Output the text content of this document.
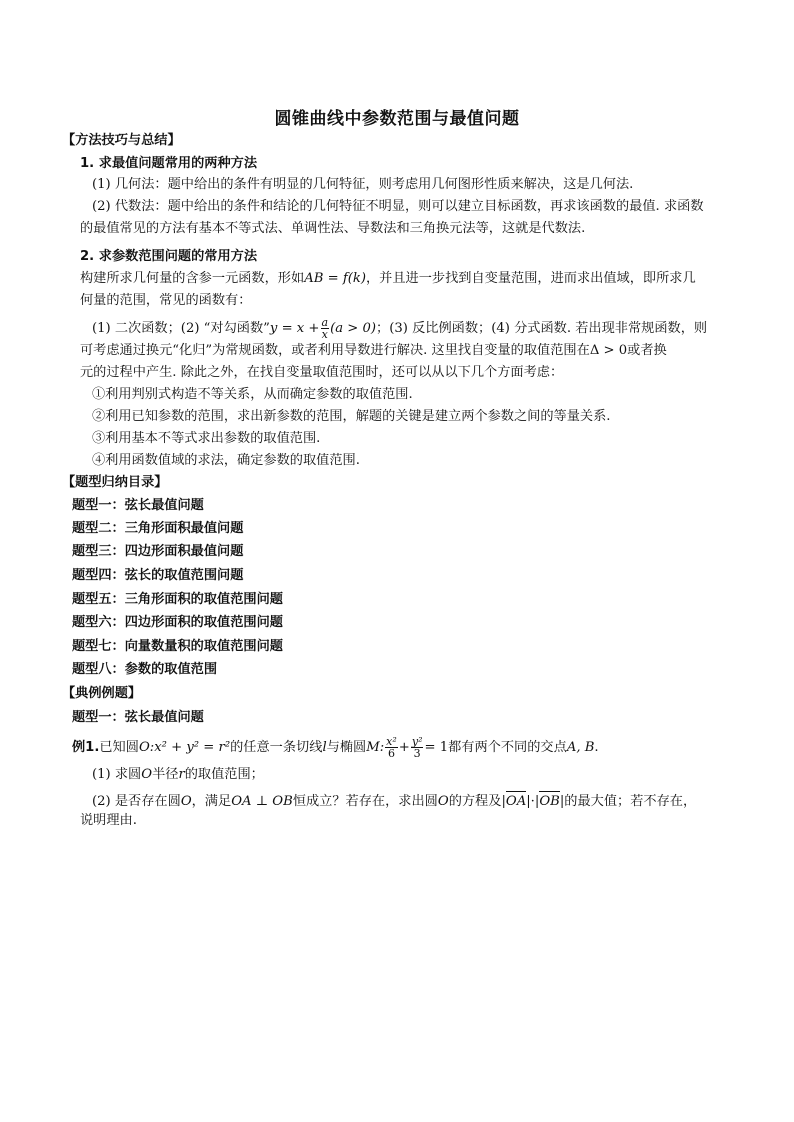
圆锥曲线中参数范围与最值问题
【方法技巧与总结】
1. 求最值问题常用的两种方法
(1) 几何法：题中给出的条件有明显的几何特征，则考虑用几何图形性质来解决，这是几何法.
(2) 代数法：题中给出的条件和结论的几何特征不明显，则可以建立目标函数，再求该函数的最值. 求函数
的最值常见的方法有基本不等式法、单调性法、导数法和三角换元法等，这就是代数法.
2. 求参数范围问题的常用方法
构建所求几何量的含参一元函数，形如AB = f(k)，并且进一步找到自变量范围，进而求出值域，即所求几
何量的范围，常见的函数有：
(1) 二次函数；(2) “对勾函数”y = $x + \frac{a}{x} (a > 0)$；(3) 反比例函数；(4) 分式函数. 若出现非常规函数，则
可考虑通过换元“化归”为常规函数，或者利用导数进行解决. 这里找自变量的取值范围在Δ > 0或者换
元的过程中产生. 除此之外，在找自变量取值范围时，还可以从以下几个方面考虑：
①利用判别式构造不等关系，从而确定参数的取值范围.
②利用已知参数的范围，求出新参数的范围，解题的关键是建立两个参数之间的等量关系.
③利用基本不等式求出参数的取值范围.
④利用函数值域的求法，确定参数的取值范围.
【题型归纳目录】
题型一：弦长最值问题
题型二：三角形面积最值问题
题型三：四边形面积最值问题
题型四：弦长的取值范围问题
题型五：三角形面积的取值范围问题
题型六：四边形面积的取值范围问题
题型七：向量数量积的取值范围问题
题型八：参数的取值范围
【典例例题】
题型一：弦长最值问题
例1.已知圆O:x² + y² = r²的任意一条切线l与椭圆M: $\frac{\text{x²}}{6} + \frac{\text{y²}}{3} = 1$都有两个不同的交点A, B.
(1) 求圆O半径r的取值范围；
(2) 是否存在圆O，满足OA ⊥ OB恒成立？若存在，求出圆O的方程及|OA|·|OB|的最大值；若不存在，
说明理由.
